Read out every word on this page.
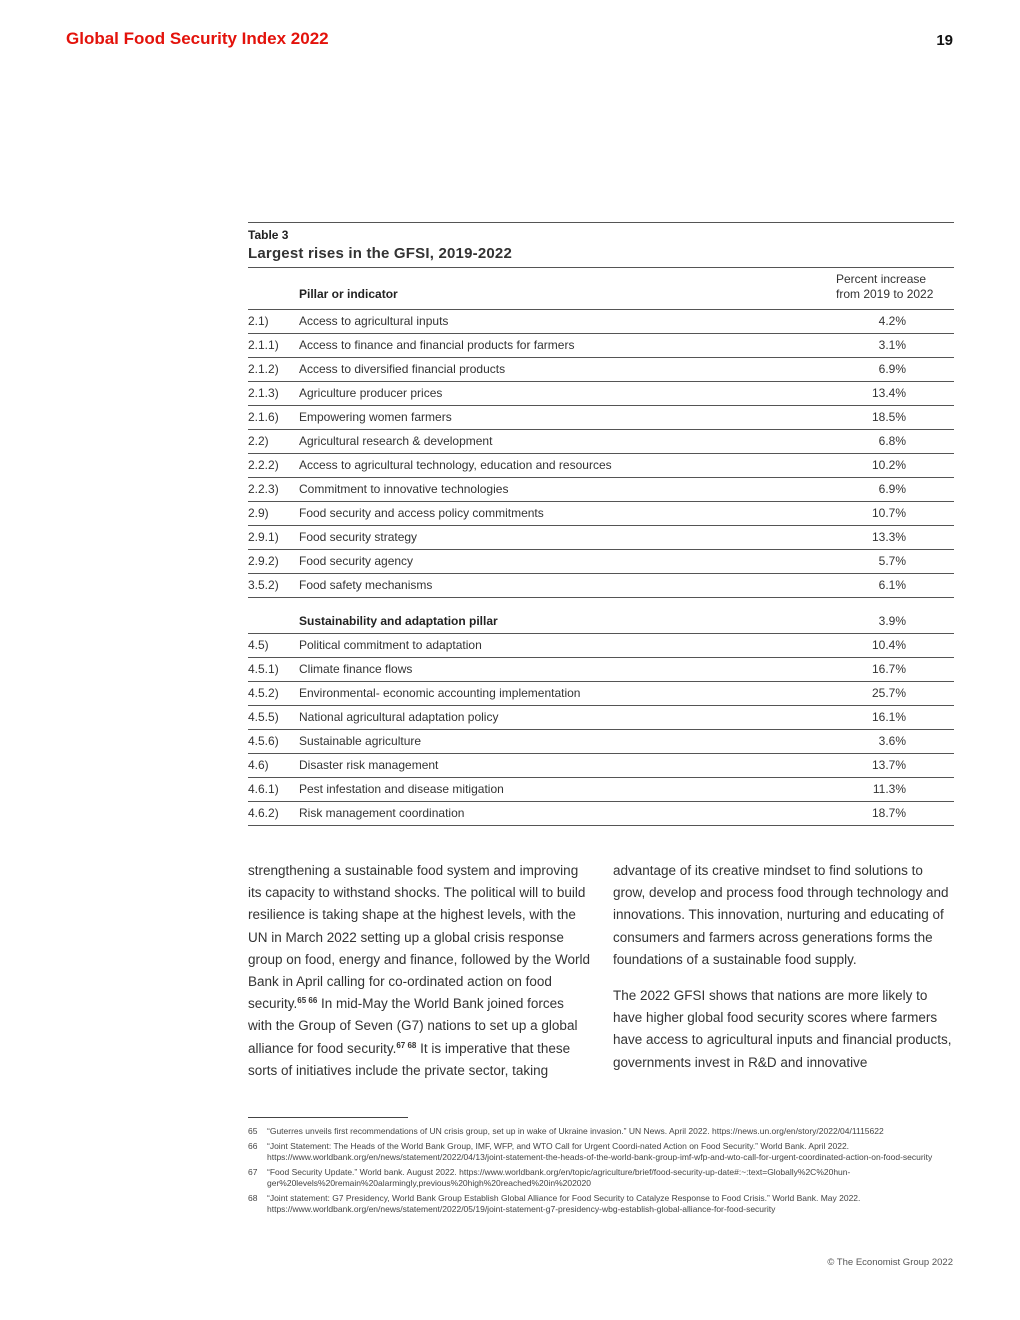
Global Food Security Index 2022	19
Table 3
Largest rises in the GFSI, 2019-2022
Pillar or indicator
Percent increase
from 2019 to 2022
2.1)	Access to agricultural inputs	4.2%
2.1.1) Access to finance and financial products for farmers	3.1%
2.1.2) Access to diversified financial products	6.9%
2.1.3) Agriculture producer prices	13.4%
2.1.6) Empowering women farmers	18.5%
2.2)	Agricultural research & development	6.8%
2.2.2) Access to agricultural technology, education and resources	10.2%
2.2.3) Commitment to innovative technologies	6.9%
2.9)	Food security and access policy commitments	10.7%
2.9.1) Food security strategy	13.3%
2.9.2) Food security agency	5.7%
3.5.2) Food safety mechanisms	6.1%
Sustainability and adaptation pillar	3.9%
4.5)	Political commitment to adaptation	10.4%
4.5.1) Climate finance flows	16.7%
4.5.2) Environmental- economic accounting implementation	25.7%
4.5.5) National agricultural adaptation policy	16.1%
4.5.6) Sustainable agriculture	3.6%
4.6)	Disaster risk management	13.7%
4.6.1) Pest infestation and disease mitigation	11.3%
4.6.2) Risk management coordination	18.7%

strengthening a sustainable food system and improving its capacity to withstand shocks. The political will to build resilience is taking shape at the highest levels, with the UN in March 2022 setting up a global crisis response group on food, energy and finance, followed by the World Bank in April calling for co-ordinated action on food security.$^{65 66}$ In mid-May the World Bank joined forces with the Group of Seven (G7) nations to set up a global alliance for food security.$^{67 68}$ It is imperative that these sorts of initiatives include the private sector, taking

advantage of its creative mindset to find solutions to grow, develop and process food through technology and innovations. This innovation, nurturing and educating of consumers and farmers across generations forms the foundations of a sustainable food supply.

The 2022 GFSI shows that nations are more likely to have higher global food security scores where farmers have access to agricultural inputs and financial products, governments invest in R&D and innovative

65 “Guterres unveils first recommendations of UN crisis group, set up in wake of Ukraine invasion.” UN News. April 2022. https://news.un.org/en/story/2022/04/1115622
66 “Joint Statement: The Heads of the World Bank Group, IMF, WFP, and WTO Call for Urgent Coordi-nated Action on Food Security.” World Bank. April 2022. https://www.worldbank.org/en/news/statement/2022/04/13/joint-statement-the-heads-of-the-world-bank-group-imf-wfp-and-wto-call-for-urgent-coordinated-action-on-food-security
67 “Food Security Update.” World bank. August 2022. https://www.worldbank.org/en/topic/agriculture/brief/food-security-up-date#:~:text=Globally%2C%20hun-ger%20levels%20remain%20alarmingly,previous%20high%20reached%20in%202020
68 “Joint statement: G7 Presidency, World Bank Group Establish Global Alliance for Food Security to Catalyze Response to Food Crisis.” World Bank. May 2022. https://www.worldbank.org/en/news/statement/2022/05/19/joint-statement-g7-presidency-wbg-establish-global-alliance-for-food-security
© The Economist Group 2022
